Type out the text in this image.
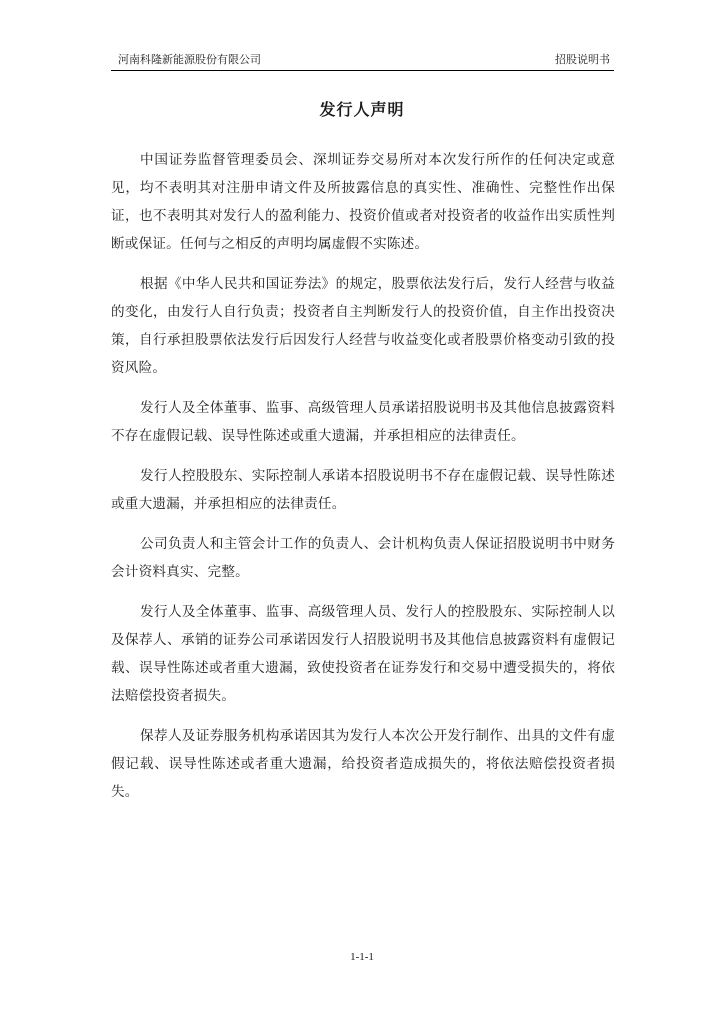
河南科隆新能源股份有限公司	招股说明书
发行人声明

中国证券监督管理委员会、深圳证券交易所对本次发行所作的任何决定或意见，均不表明其对注册申请文件及所披露信息的真实性、准确性、完整性作出保证，也不表明其对发行人的盈利能力、投资价值或者对投资者的收益作出实质性判断或保证。任何与之相反的声明均属虚假不实陈述。

根据《中华人民共和国证券法》的规定，股票依法发行后，发行人经营与收益的变化，由发行人自行负责；投资者自主判断发行人的投资价值，自主作出投资决策，自行承担股票依法发行后因发行人经营与收益变化或者股票价格变动引致的投资风险。

发行人及全体董事、监事、高级管理人员承诺招股说明书及其他信息披露资料不存在虚假记载、误导性陈述或重大遗漏，并承担相应的法律责任。

发行人控股股东、实际控制人承诺本招股说明书不存在虚假记载、误导性陈述或重大遗漏，并承担相应的法律责任。

公司负责人和主管会计工作的负责人、会计机构负责人保证招股说明书中财务会计资料真实、完整。

发行人及全体董事、监事、高级管理人员、发行人的控股股东、实际控制人以及保荐人、承销的证券公司承诺因发行人招股说明书及其他信息披露资料有虚假记载、误导性陈述或者重大遗漏，致使投资者在证券发行和交易中遭受损失的，将依法赔偿投资者损失。

保荐人及证券服务机构承诺因其为发行人本次公开发行制作、出具的文件有虚假记载、误导性陈述或者重大遗漏，给投资者造成损失的，将依法赔偿投资者损失。

1-1-1
